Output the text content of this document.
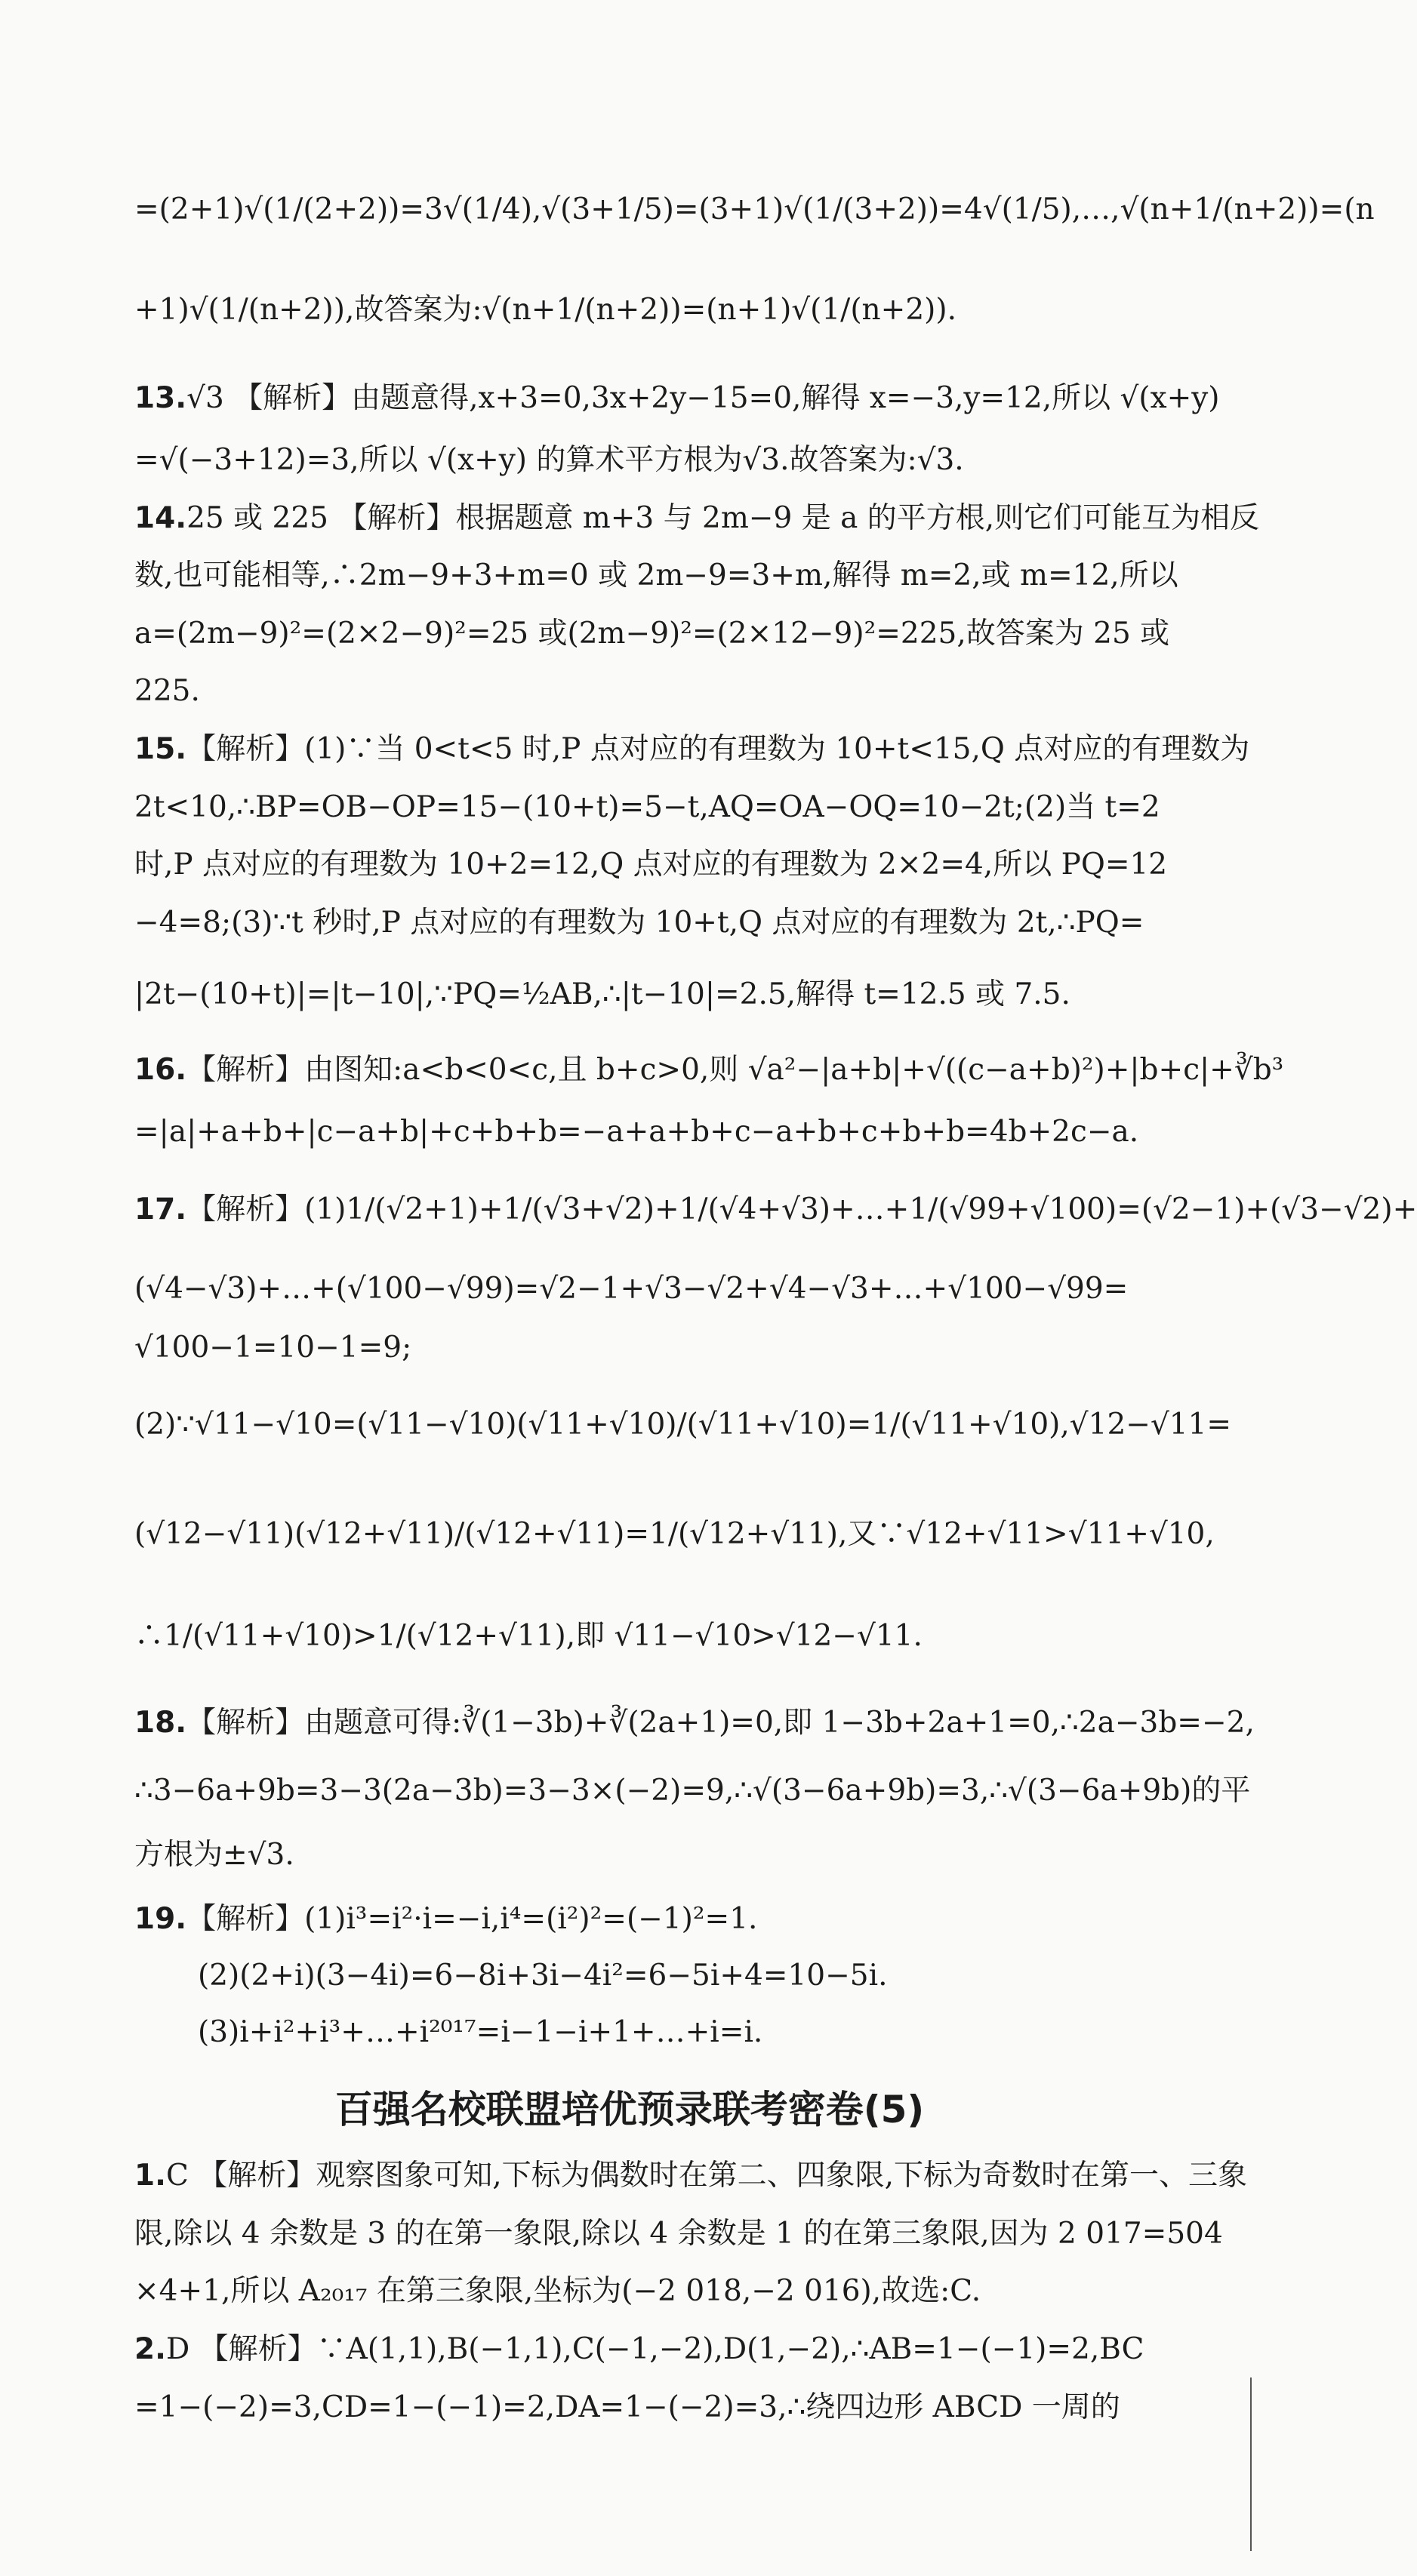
百强名校联盟培优预录联考密卷(5)
=(2+1)√(1/(2+2))=3√(1/4),√(3+1/5)=(3+1)√(1/(3+2))=4√(1/5),…,√(n+1/(n+2))=(n
+1)√(1/(n+2)),故答案为:√(n+1/(n+2))=(n+1)√(1/(n+2)).
13.√3 【解析】由题意得,x+3=0,3x+2y−15=0,解得 x=−3,y=12,所以 √(x+y)
=√(−3+12)=3,所以 √(x+y) 的算术平方根为√3.故答案为:√3.
14.25 或 225 【解析】根据题意 m+3 与 2m−9 是 a 的平方根,则它们可能互为相反
数,也可能相等,∴2m−9+3+m=0 或 2m−9=3+m,解得 m=2,或 m=12,所以
a=(2m−9)²=(2×2−9)²=25 或(2m−9)²=(2×12−9)²=225,故答案为 25 或
225.
15.【解析】(1)∵当 0<t<5 时,P 点对应的有理数为 10+t<15,Q 点对应的有理数为
2t<10,∴BP=OB−OP=15−(10+t)=5−t,AQ=OA−OQ=10−2t;(2)当 t=2
时,P 点对应的有理数为 10+2=12,Q 点对应的有理数为 2×2=4,所以 PQ=12
−4=8;(3)∵t 秒时,P 点对应的有理数为 10+t,Q 点对应的有理数为 2t,∴PQ=
|2t−(10+t)|=|t−10|,∵PQ=½AB,∴|t−10|=2.5,解得 t=12.5 或 7.5.
16.【解析】由图知:a<b<0<c,且 b+c>0,则 √a²−|a+b|+√((c−a+b)²)+|b+c|+∛b³
=|a|+a+b+|c−a+b|+c+b+b=−a+a+b+c−a+b+c+b+b=4b+2c−a.
17.【解析】(1)1/(√2+1)+1/(√3+√2)+1/(√4+√3)+…+1/(√99+√100)=(√2−1)+(√3−√2)+
(√4−√3)+…+(√100−√99)=√2−1+√3−√2+√4−√3+…+√100−√99=
√100−1=10−1=9;
(2)∵√11−√10=(√11−√10)(√11+√10)/(√11+√10)=1/(√11+√10),√12−√11=
(√12−√11)(√12+√11)/(√12+√11)=1/(√12+√11),又∵√12+√11>√11+√10,
∴1/(√11+√10)>1/(√12+√11),即 √11−√10>√12−√11.
18.【解析】由题意可得:∛(1−3b)+∛(2a+1)=0,即 1−3b+2a+1=0,∴2a−3b=−2,
∴3−6a+9b=3−3(2a−3b)=3−3×(−2)=9,∴√(3−6a+9b)=3,∴√(3−6a+9b)的平
方根为±√3.
19.【解析】(1)i³=i²·i=−i,i⁴=(i²)²=(−1)²=1.
(2)(2+i)(3−4i)=6−8i+3i−4i²=6−5i+4=10−5i.
(3)i+i²+i³+…+i²⁰¹⁷=i−1−i+1+…+i=i.
1.C 【解析】观察图象可知,下标为偶数时在第二、四象限,下标为奇数时在第一、三象
限,除以 4 余数是 3 的在第一象限,除以 4 余数是 1 的在第三象限,因为 2 017=504
×4+1,所以 A₂₀₁₇ 在第三象限,坐标为(−2 018,−2 016),故选:C.
2.D 【解析】∵A(1,1),B(−1,1),C(−1,−2),D(1,−2),∴AB=1−(−1)=2,BC
=1−(−2)=3,CD=1−(−1)=2,DA=1−(−2)=3,∴绕四边形 ABCD 一周的
